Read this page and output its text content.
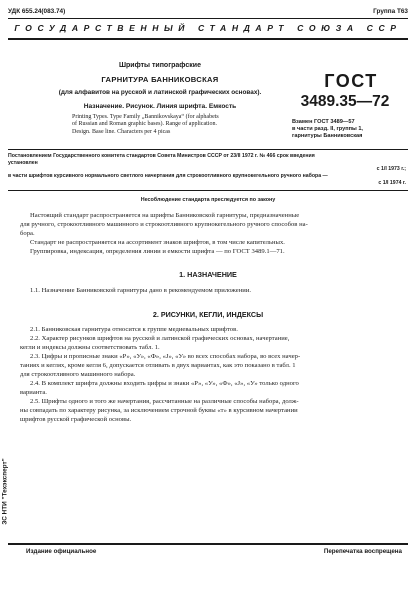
УДК 655.24(083.74)	Группа Т63
ГОСУДАРСТВЕННЫЙ СТАНДАРТ СОЮЗА ССР
Шрифты типографские
ГАРНИТУРА БАННИКОВСКАЯ
(для алфавитов на русской и латинской графических основах).
Назначение. Рисунок. Линия шрифта. Емкость
Printing Types. Type Family „Bannikovskaya“ (for alphabets
of Russian and Roman graphic bases). Range of application.
Design. Base line. Characters per 4 picas
ГОСТ
3489.35—72
Взамен ГОСТ 3489—57
в части разд. II, группы 1,
гарнитуры Банниковская
Постановлением Государственного комитета стандартов Совета Министров СССР от 23/II 1972 г. № 466 срок введения
установлен
с 1/I 1973 г.;
в части шрифтов курсивного нормального светлого начертания для строкоотливного крупнокегельного ручного набора —
с 1/I 1974 г.
Несоблюдение стандарта преследуется по закону
Настоящий стандарт распространяется на шрифты Банниковской гарнитуры, предназначенные
для ручного, строкоотливного машинного и строкоотливного крупнокегельного ручного способов на-
бора.
Стандарт не распространяется на ассортимент знаков шрифтов, в том числе капительных.
Группировка, индексация, определения линии и емкости шрифта — по ГОСТ 3489.1—71.
1. НАЗНАЧЕНИЕ
1.1. Назначение Банниковской гарнитуры дано в рекомендуемом приложении.
2. РИСУНКИ, КЕГЛИ, ИНДЕКСЫ
2.1. Банниковская гарнитура относится к группе медиевальных шрифтов.
2.2. Характер рисунков шрифтов на русской и латинской графических основах, начертание,
кегли и индексы должны соответствовать табл. 1.
2.3. Цифры и прописные знаки «Р», «У», «Ф», «J», «У» во всех способах набора, во всех начер-
таниях и кеглях, кроме кегля 6, допускается отливать в двух вариантах, как это показано в табл. 1
для строкоотливного машинного набора.
2.4. В комплект шрифта должны входить цифры и знаки «Р», «У», «Ф», «J», «У» только одного
варианта.
2.5. Шрифты одного и того же начертания, рассчитанные на различные способы набора, долж-
ны совпадать по характеру рисунка, за исключением строчной буквы «т» в курсивном начертании
шрифтов русской графической основы.
ЗС НТИ "Техэксперт"
Издание официальное	Перепечатка воспрещена
